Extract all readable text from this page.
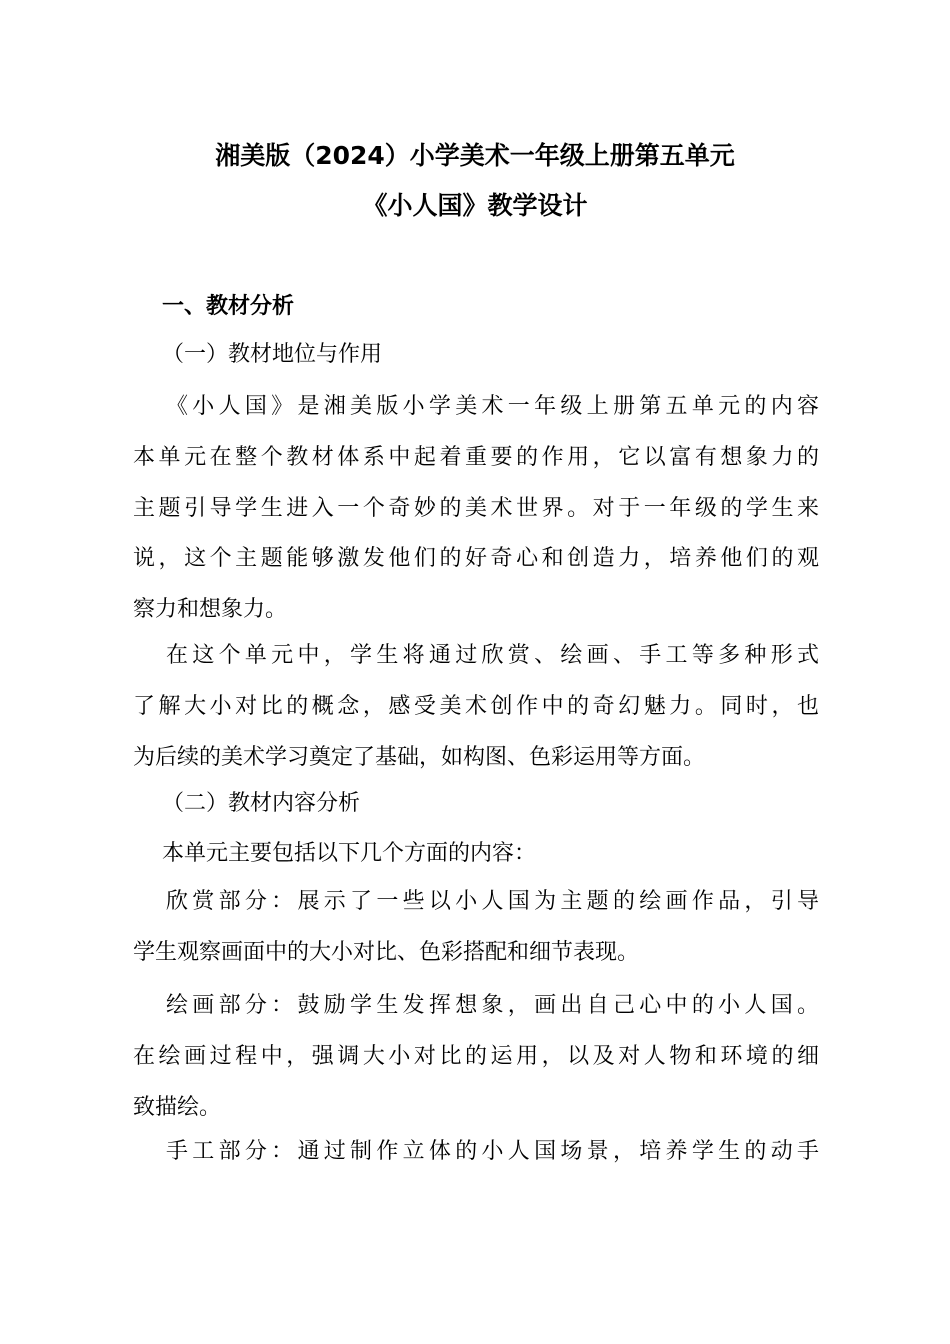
湘美版（2024）小学美术一年级上册第五单元
《小人国》教学设计
一、教材分析
（一）教材地位与作用
《小人国》是湘美版小学美术一年级上册第五单元的内容
本单元在整个教材体系中起着重要的作用，它以富有想象力的
主题引导学生进入一个奇妙的美术世界。对于一年级的学生来
说，这个主题能够激发他们的好奇心和创造力，培养他们的观
察力和想象力。
在这个单元中，学生将通过欣赏、绘画、手工等多种形式
了解大小对比的概念，感受美术创作中的奇幻魅力。同时，也
为后续的美术学习奠定了基础，如构图、色彩运用等方面。
（二）教材内容分析
本单元主要包括以下几个方面的内容：
欣赏部分：展示了一些以小人国为主题的绘画作品，引导
学生观察画面中的大小对比、色彩搭配和细节表现。
绘画部分：鼓励学生发挥想象，画出自己心中的小人国。
在绘画过程中，强调大小对比的运用，以及对人物和环境的细
致描绘。
手工部分：通过制作立体的小人国场景，培养学生的动手
